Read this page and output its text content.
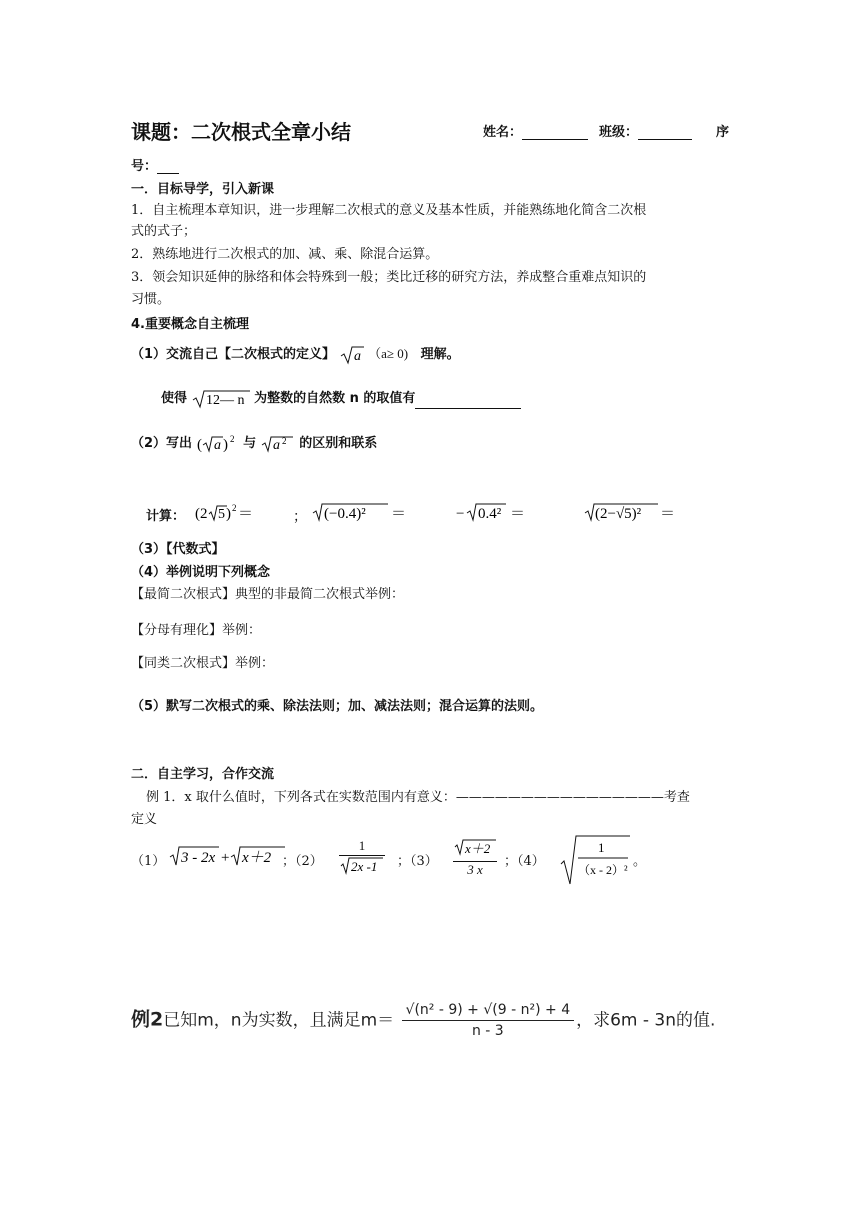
课题：二次根式全章小结	姓名：	班级：	序
号：
一．目标导学，引入新课
1．自主梳理本章知识，进一步理解二次根式的意义及基本性质，并能熟练地化简含二次根
式的式子；
2．熟练地进行二次根式的加、减、乘、除混合运算。
3．领会知识延伸的脉络和体会特殊到一般；类比迁移的研究方法，养成整合重难点知识的
习惯。
4.重要概念自主梳理
（1）交流自己【二次根式的定义】 a （a≥ 0) 理解。
使得 12— n 为整数的自然数 n 的取值有
（2）写出 ( a ) 2 与 a 2 的区别和联系
计算： (2 5 ) 2 ＝	； (−0.4)² ＝	− 0.4² ＝	(2−√5)² ＝
（3）【代数式】
（4）举例说明下列概念
【最简二次根式】典型的非最简二次根式举例：
【分母有理化】举例：
【同类二次根式】举例：
（5）默写二次根式的乘、除法法则；加、减法法则；混合运算的法则。
二．自主学习，合作交流
例 1．x 取什么值时，下列各式在实数范围内有意义：————————————————考查
定义
（1） 3 - 2x + x＋2 ；（2）
1
2x -1 ；（3）
x＋2
3 x
；（4）
1
（x - 2）²
。
例2已知m，n为实数，且满足$m= \frac{\text{√(n² - 9) + √(9 - n²) + 4}}{n - 3}$ ，求6m - 3n的值.
